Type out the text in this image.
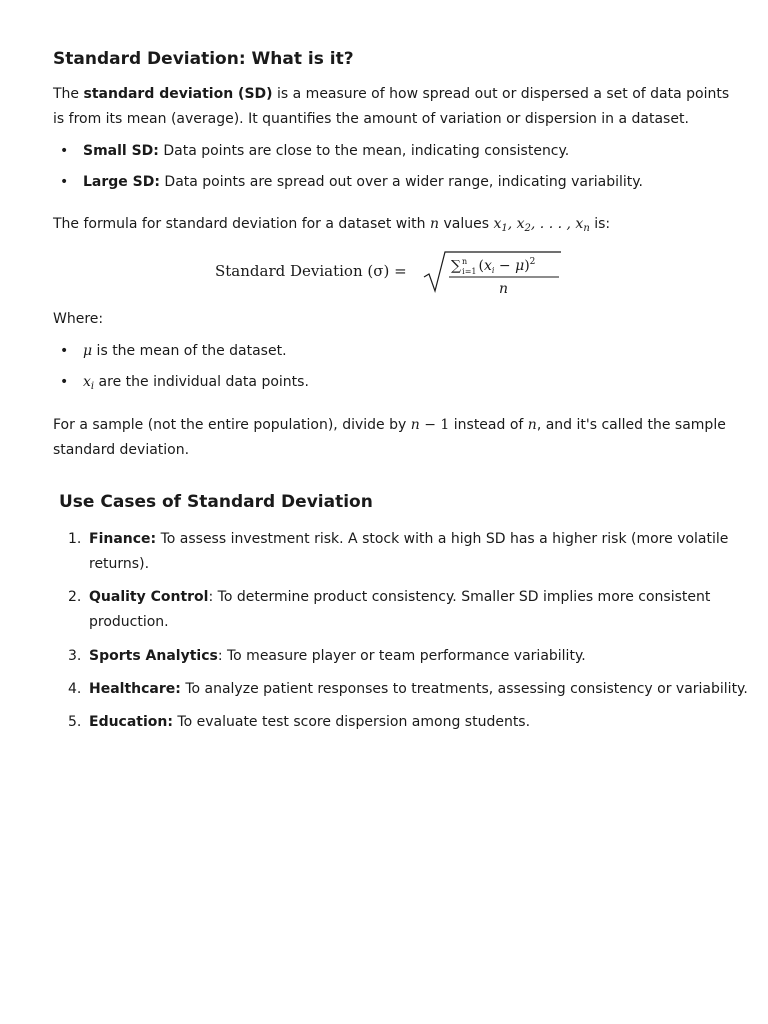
Standard Deviation: What is it?

The standard deviation (SD) is a measure of how spread out or dispersed a set of data points is from its mean (average). It quantifies the amount of variation or dispersion in a dataset.

• Small SD: Data points are close to the mean, indicating consistency.
• Large SD: Data points are spread out over a wider range, indicating variability.

The formula for standard deviation for a dataset with n values $x_1$, $x_2$, . . . , $x_n$ is:

Standard Deviation (σ) =	∑$^n$ i=1 $(x_i - \mu)^2$
n

Where:

• μ is the mean of the dataset.
• $x_i$ are the individual data points.

For a sample (not the entire population), divide by n − 1 instead of n, and it's called the sample standard deviation.

Use Cases of Standard Deviation
1. Finance: To assess investment risk. A stock with a high SD has a higher risk (more volatile returns).
2. Quality Control: To determine product consistency. Smaller SD implies more consistent production.
3. Sports Analytics: To measure player or team performance variability.
4. Healthcare: To analyze patient responses to treatments, assessing consistency or variability.
5. Education: To evaluate test score dispersion among students.
